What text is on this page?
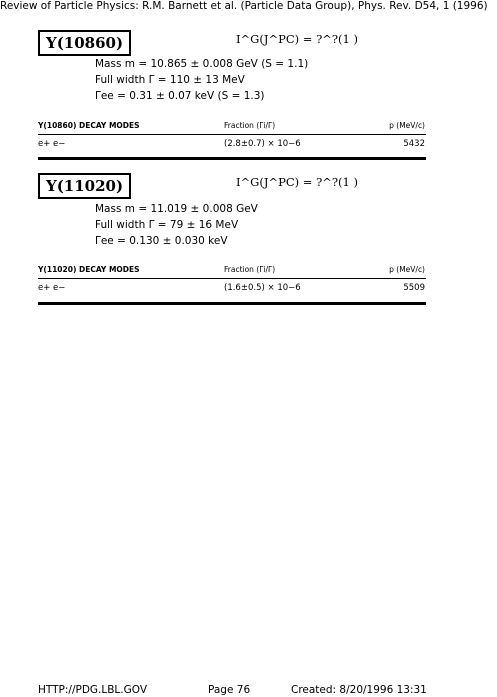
Review of Particle Physics: R.M. Barnett et al. (Particle Data Group), Phys. Rev. D54, 1 (1996)
Υ(10860)	I^G(J^PC) = ?^?(1 )
Mass m = 10.865 ± 0.008 GeV (S = 1.1)
Full width Γ = 110 ± 13 MeV
Γee = 0.31 ± 0.07 keV (S = 1.3)
Υ(10860) DECAY MODES	Fraction (Γi/Γ)	p (MeV/c)
e+ e−	(2.8±0.7) × 10−6	5432
Υ(11020)	I^G(J^PC) = ?^?(1 )
Mass m = 11.019 ± 0.008 GeV
Full width Γ = 79 ± 16 MeV
Γee = 0.130 ± 0.030 keV
Υ(11020) DECAY MODES	Fraction (Γi/Γ)	p (MeV/c)
e+ e−	(1.6±0.5) × 10−6	5509
HTTP://PDG.LBL.GOV	Page 76	Created: 8/20/1996 13:31
